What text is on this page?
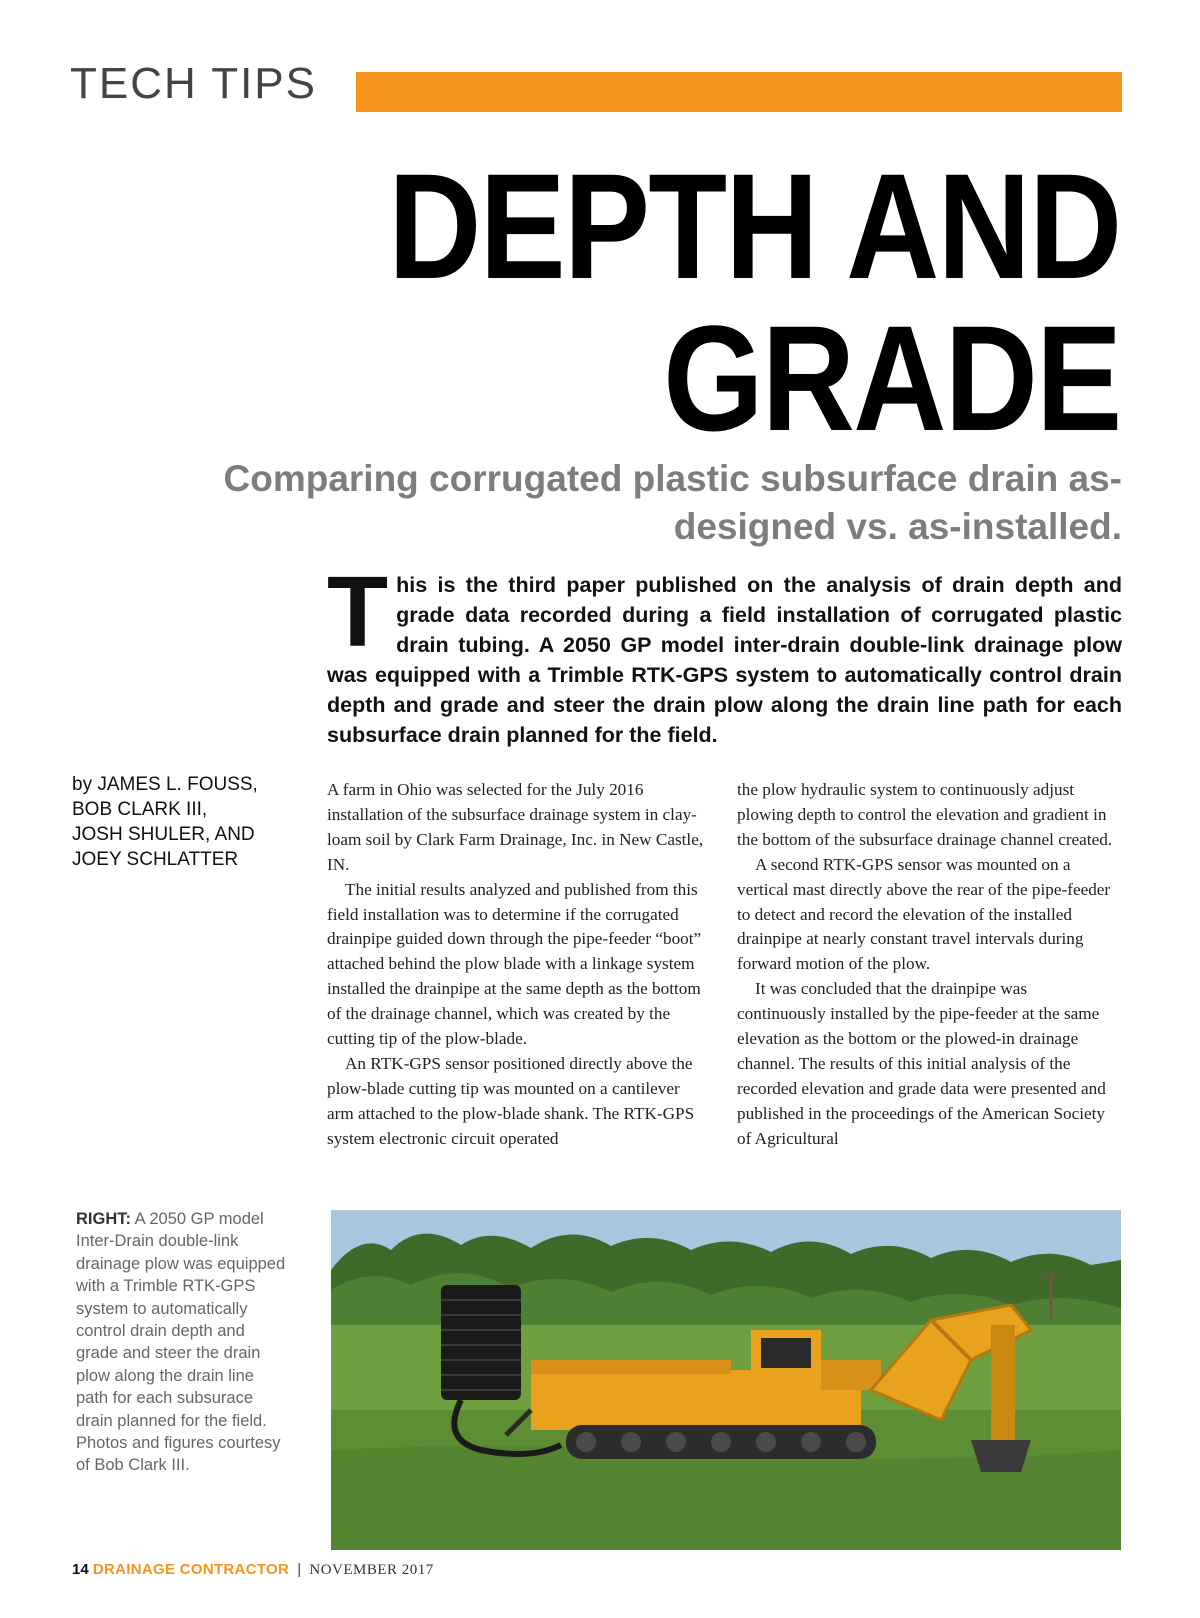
TECH TIPS
DEPTH AND
GRADE
Comparing corrugated plastic subsurface drain as-designed vs. as-installed.
This is the third paper published on the analysis of drain depth and grade data recorded during a field installation of corrugated plastic drain tubing. A 2050 GP model inter-drain double-link drainage plow was equipped with a Trimble RTK-GPS system to automatically control drain depth and grade and steer the drain plow along the drain line path for each subsurface drain planned for the field.
by JAMES L. FOUSS,
BOB CLARK III,
JOSH SHULER, AND
JOEY SCHLATTER

A farm in Ohio was selected for the July 2016 installation of the subsurface drainage system in clay-loam soil by Clark Farm Drainage, Inc. in New Castle, IN.

The initial results analyzed and published from this field installation was to determine if the corrugated drainpipe guided down through the pipe-feeder “boot” attached behind the plow blade with a linkage system installed the drainpipe at the same depth as the bottom of the drainage channel, which was created by the cutting tip of the plow-blade.

An RTK-GPS sensor positioned directly above the plow-blade cutting tip was mounted on a cantilever arm attached to the plow-blade shank. The RTK-GPS system electronic circuit operated

the plow hydraulic system to continuously adjust plowing depth to control the elevation and gradient in the bottom of the subsurface drainage channel created.

A second RTK-GPS sensor was mounted on a vertical mast directly above the rear of the pipe-feeder to detect and record the elevation of the installed drainpipe at nearly constant travel intervals during forward motion of the plow.

It was concluded that the drainpipe was continuously installed by the pipe-feeder at the same elevation as the bottom or the plowed-in drainage channel. The results of this initial analysis of the recorded elevation and grade data were presented and published in the proceedings of the American Society of Agricultural

RIGHT: A 2050 GP model Inter-Drain double-link drainage plow was equipped with a Trimble RTK-GPS system to automatically control drain depth and grade and steer the drain plow along the drain line path for each subsurace drain planned for the field. Photos and figures courtesy of Bob Clark III.
14 DRAINAGE CONTRACTOR | NOVEMBER 2017
